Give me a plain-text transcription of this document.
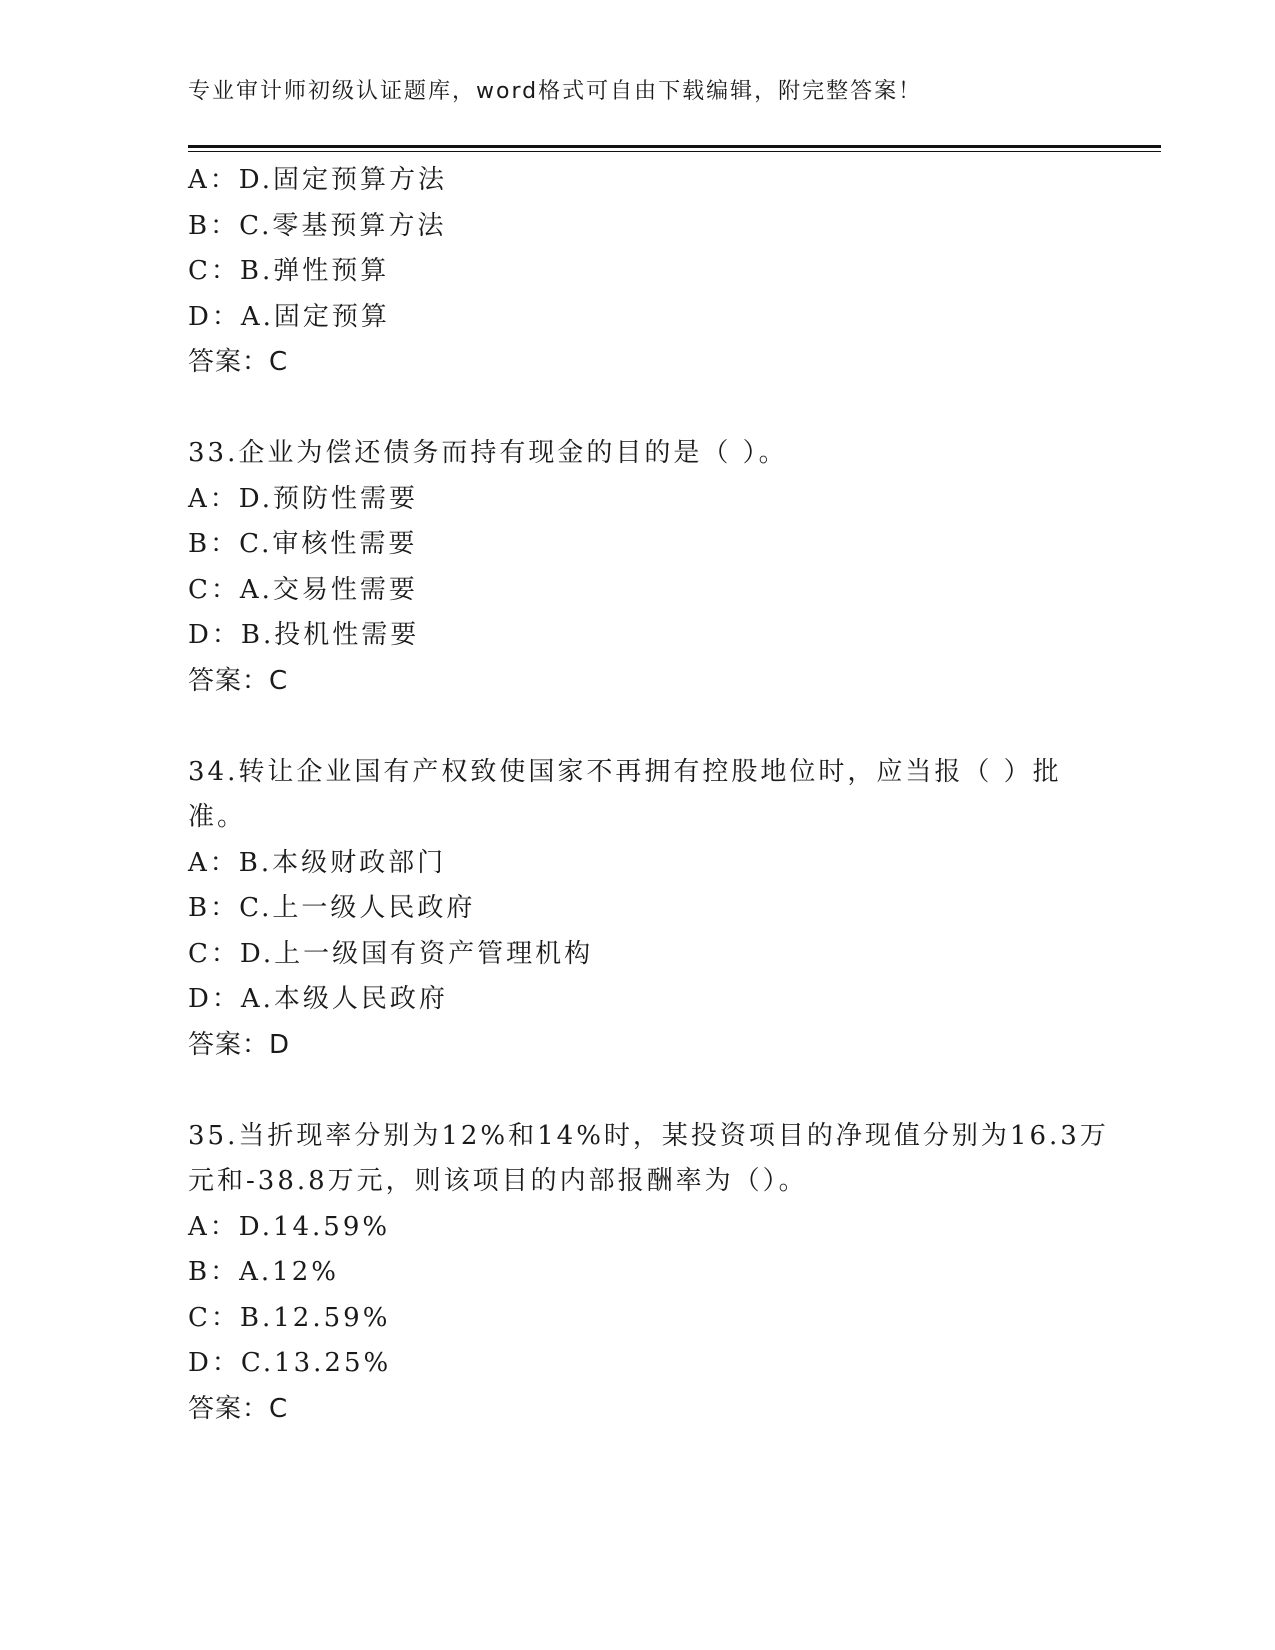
专业审计师初级认证题库，word格式可自由下载编辑，附完整答案！
A：D.固定预算方法
B：C.零基预算方法
C：B.弹性预算
D：A.固定预算
答案：C
33.企业为偿还债务而持有现金的目的是（ ）。
A：D.预防性需要
B：C.审核性需要
C：A.交易性需要
D：B.投机性需要
答案：C
34.转让企业国有产权致使国家不再拥有控股地位时，应当报（ ）批
准。
A：B.本级财政部门
B：C.上一级人民政府
C：D.上一级国有资产管理机构
D：A.本级人民政府
答案：D
35.当折现率分别为12%和14%时，某投资项目的净现值分别为16.3万
元和-38.8万元，则该项目的内部报酬率为（）。
A：D.14.59%
B：A.12%
C：B.12.59%
D：C.13.25%
答案：C
